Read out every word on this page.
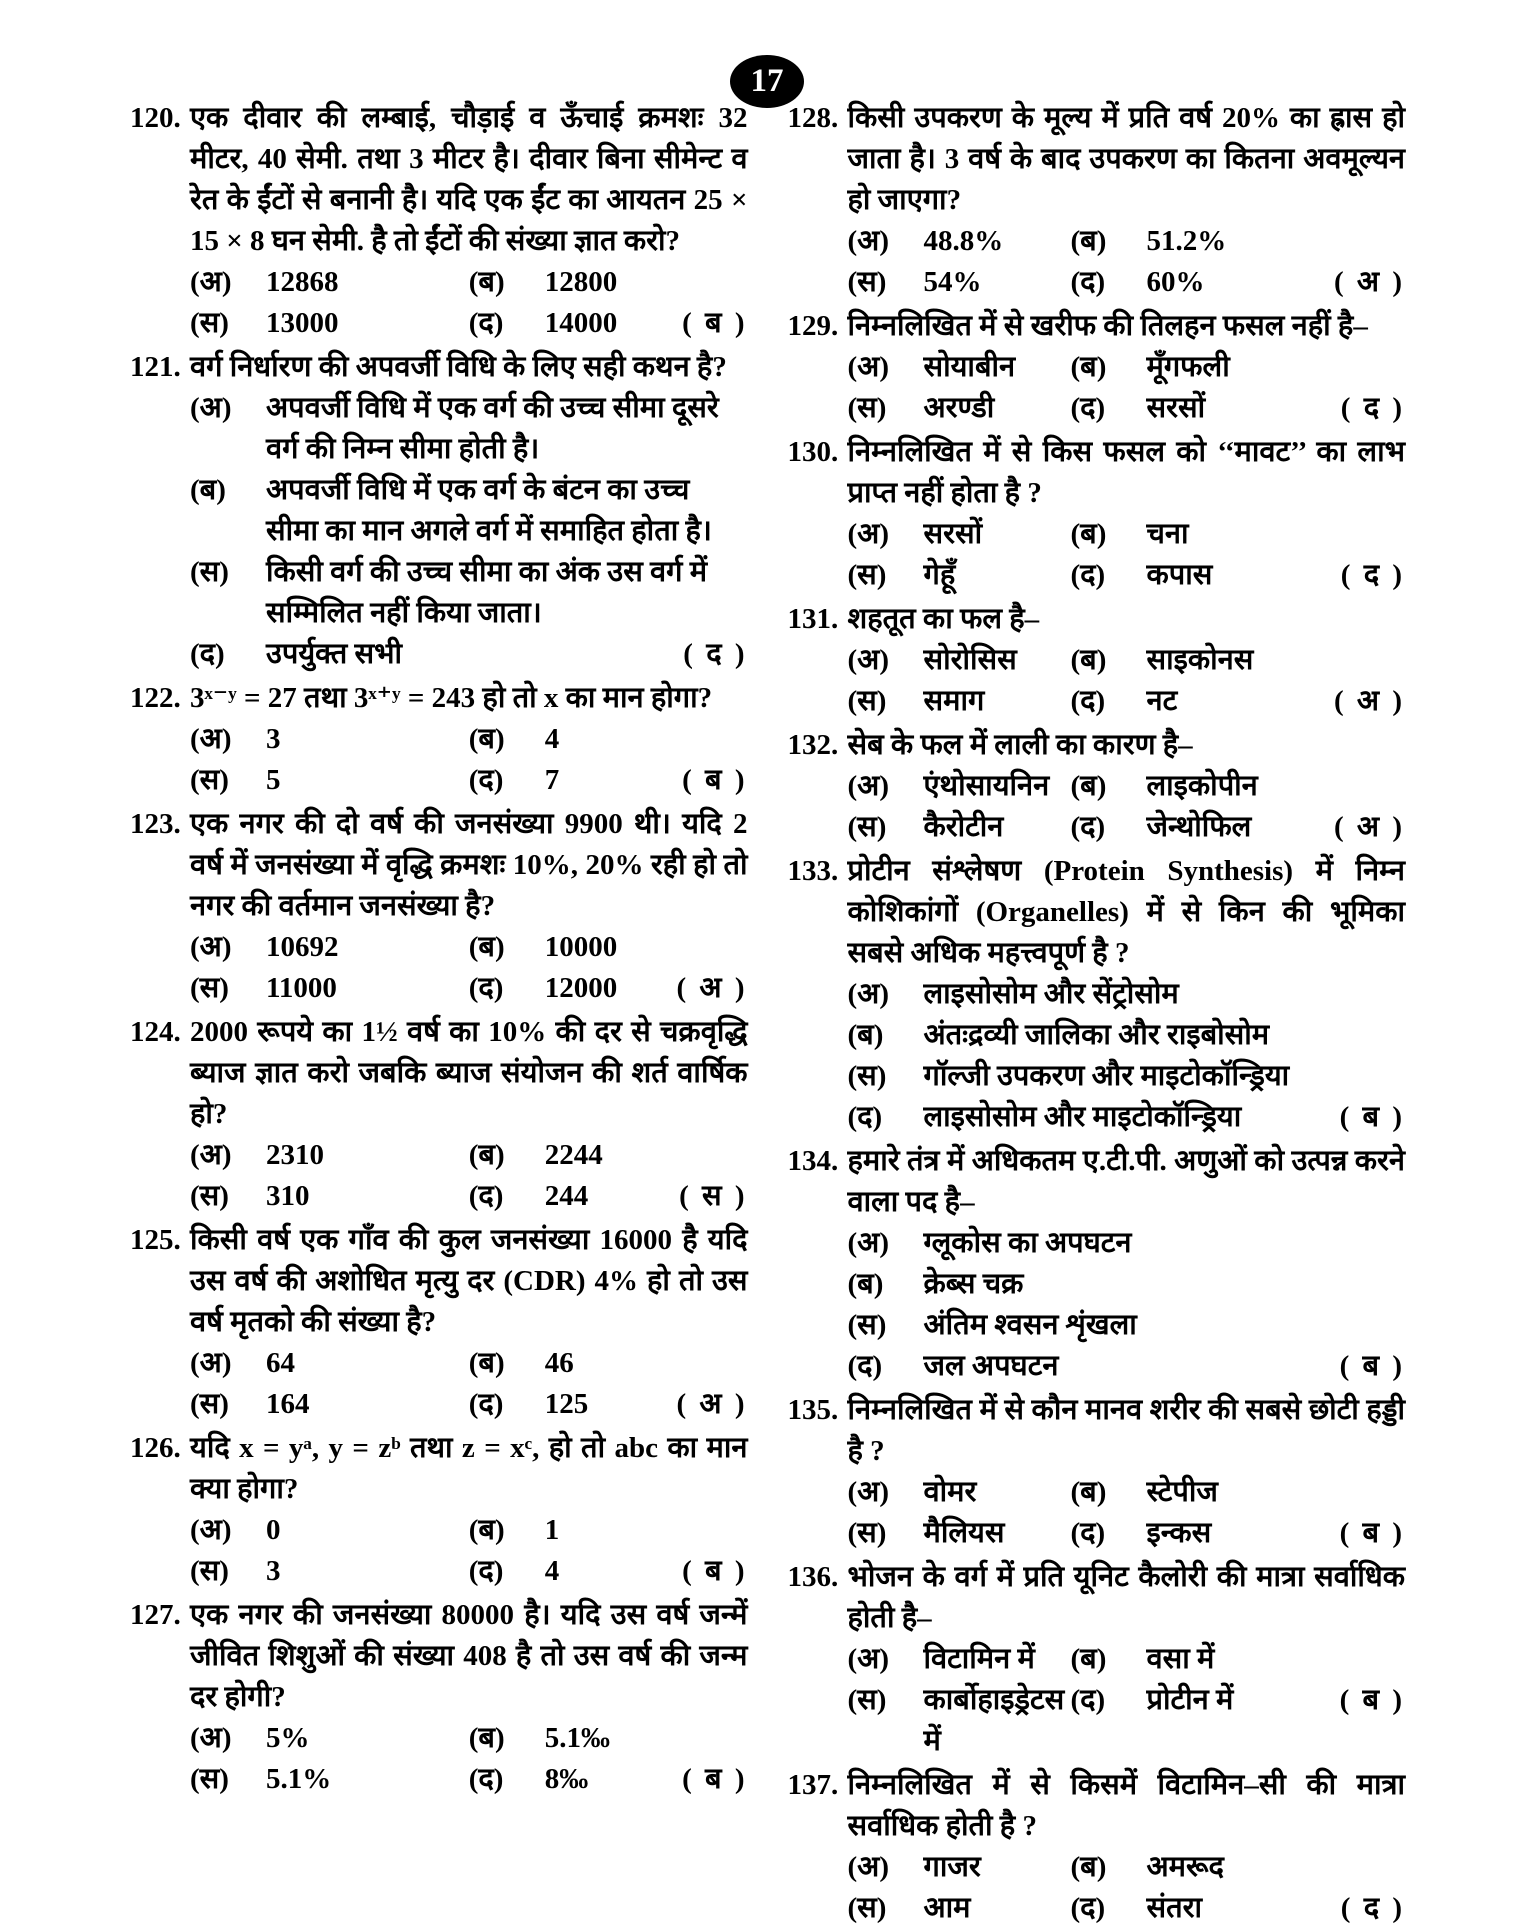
17
120. एक दीवार की लम्बाई, चौड़ाई व ऊँचाई क्रमशः 32 मीटर, 40 सेमी. तथा 3 मीटर है। दीवार बिना सीमेन्ट व रेत के ईंटों से बनानी है। यदि एक ईंट का आयतन 25 × 15 × 8 घन सेमी. है तो ईंटों की संख्या ज्ञात करो?
(अ)	12868	(ब)	12800
(स)	13000	(द)	14000 ( ब )
121. वर्ग निर्धारण की अपवर्जी विधि के लिए सही कथन है?
(अ)	अपवर्जी विधि में एक वर्ग की उच्च सीमा दूसरे वर्ग की निम्न सीमा होती है।
(ब)	अपवर्जी विधि में एक वर्ग के बंटन का उच्च सीमा का मान अगले वर्ग में समाहित होता है।
(स)	किसी वर्ग की उच्च सीमा का अंक उस वर्ग में सम्मिलित नहीं किया जाता।
(द)	उपर्युक्त सभी	( द )
122. 3ˣ⁻ʸ = 27 तथा 3ˣ⁺ʸ = 243 हो तो x का मान होगा?
(अ)	3	(ब)	4
(स)	5	(द)	7	( ब )
123. एक नगर की दो वर्ष की जनसंख्या 9900 थी। यदि 2 वर्ष में जनसंख्या में वृद्धि क्रमशः 10%, 20% रही हो तो नगर की वर्तमान जनसंख्या है?
(अ)	10692	(ब)	10000
(स)	11000	(द)	12000 ( अ )
124. 2000 रूपये का 1½ वर्ष का 10% की दर से चक्रवृद्धि ब्याज ज्ञात करो जबकि ब्याज संयोजन की शर्त वार्षिक हो?
(अ)	2310	(ब)	2244
(स)	310	(द)	244	( स )
125. किसी वर्ष एक गाँव की कुल जनसंख्या 16000 है यदि उस वर्ष की अशोधित मृत्यु दर (CDR) 4% हो तो उस वर्ष मृतको की संख्या है?
(अ)	64	(ब)	46
(स)	164	(द)	125	( अ )
126. यदि x = yᵃ, y = zᵇ तथा z = xᶜ, हो तो abc का मान क्या होगा?
(अ)	0	(ब)	1
(स)	3	(द)	4	( ब )
127. एक नगर की जनसंख्या 80000 है। यदि उस वर्ष जन्में जीवित शिशुओं की संख्या 408 है तो उस वर्ष की जन्म दर होगी?
(अ)	5%	(ब)	5.1‰
(स)	5.1%	(द)	8‰	( ब )
128. किसी उपकरण के मूल्य में प्रति वर्ष 20% का ह्रास हो जाता है। 3 वर्ष के बाद उपकरण का कितना अवमूल्यन हो जाएगा?
(अ)	48.8% (ब)	51.2%
(स)	54%	(द)	60%	( अ )
129. निम्नलिखित में से खरीफ की तिलहन फसल नहीं है–
(अ)	सोयाबीन (ब)	मूँगफली
(स)	अरण्डी	(द)	सरसों	( द )
130. निम्नलिखित में से किस फसल को ‘‘मावट’’ का लाभ प्राप्त नहीं होता है ?
(अ)	सरसों	(ब)	चना
(स)	गेहूँ	(द)	कपास	( द )
131. शहतूत का फल है–
(अ)	सोरोसिस (ब)	साइकोनस
(स)	समाग	(द)	नट	( अ )
132. सेब के फल में लाली का कारण है–
(अ)	एंथोसायनिन (ब)	लाइकोपीन
(स)	कैरोटीन (द)	जेन्थोफिल	( अ )
133. प्रोटीन संश्लेषण (Protein Synthesis) में निम्न कोशिकांगों (Organelles) में से किन की भूमिका सबसे अधिक महत्त्वपूर्ण है ?
(अ)	लाइसोसोम और सेंट्रोसोम
(ब)	अंतःद्रव्यी जालिका और राइबोसोम
(स)	गॉल्जी उपकरण और माइटोकॉन्ड्रिया
(द)	लाइसोसोम और माइटोकॉन्ड्रिया	( ब )
134. हमारे तंत्र में अधिकतम ए.टी.पी. अणुओं को उत्पन्न करने वाला पद है–
(अ)	ग्लूकोस का अपघटन
(ब)	क्रेब्स चक्र
(स)	अंतिम श्वसन शृंखला
(द)	जल अपघटन	( ब )
135. निम्नलिखित में से कौन मानव शरीर की सबसे छोटी हड्डी है ?
(अ)	वोमर	(ब)	स्टेपीज
(स)	मैलियस (द)	इन्कस	( ब )
136. भोजन के वर्ग में प्रति यूनिट कैलोरी की मात्रा सर्वाधिक होती है–
(अ)	विटामिन में (ब)	वसा में
(स)	कार्बोहाइड्रेटस में
(द)	प्रोटीन में	( ब )
137. निम्नलिखित में से किसमें विटामिन–सी की मात्रा सर्वाधिक होती है ?
(अ)	गाजर	(ब)	अमरूद
(स)	आम	(द)	संतरा	( द )
